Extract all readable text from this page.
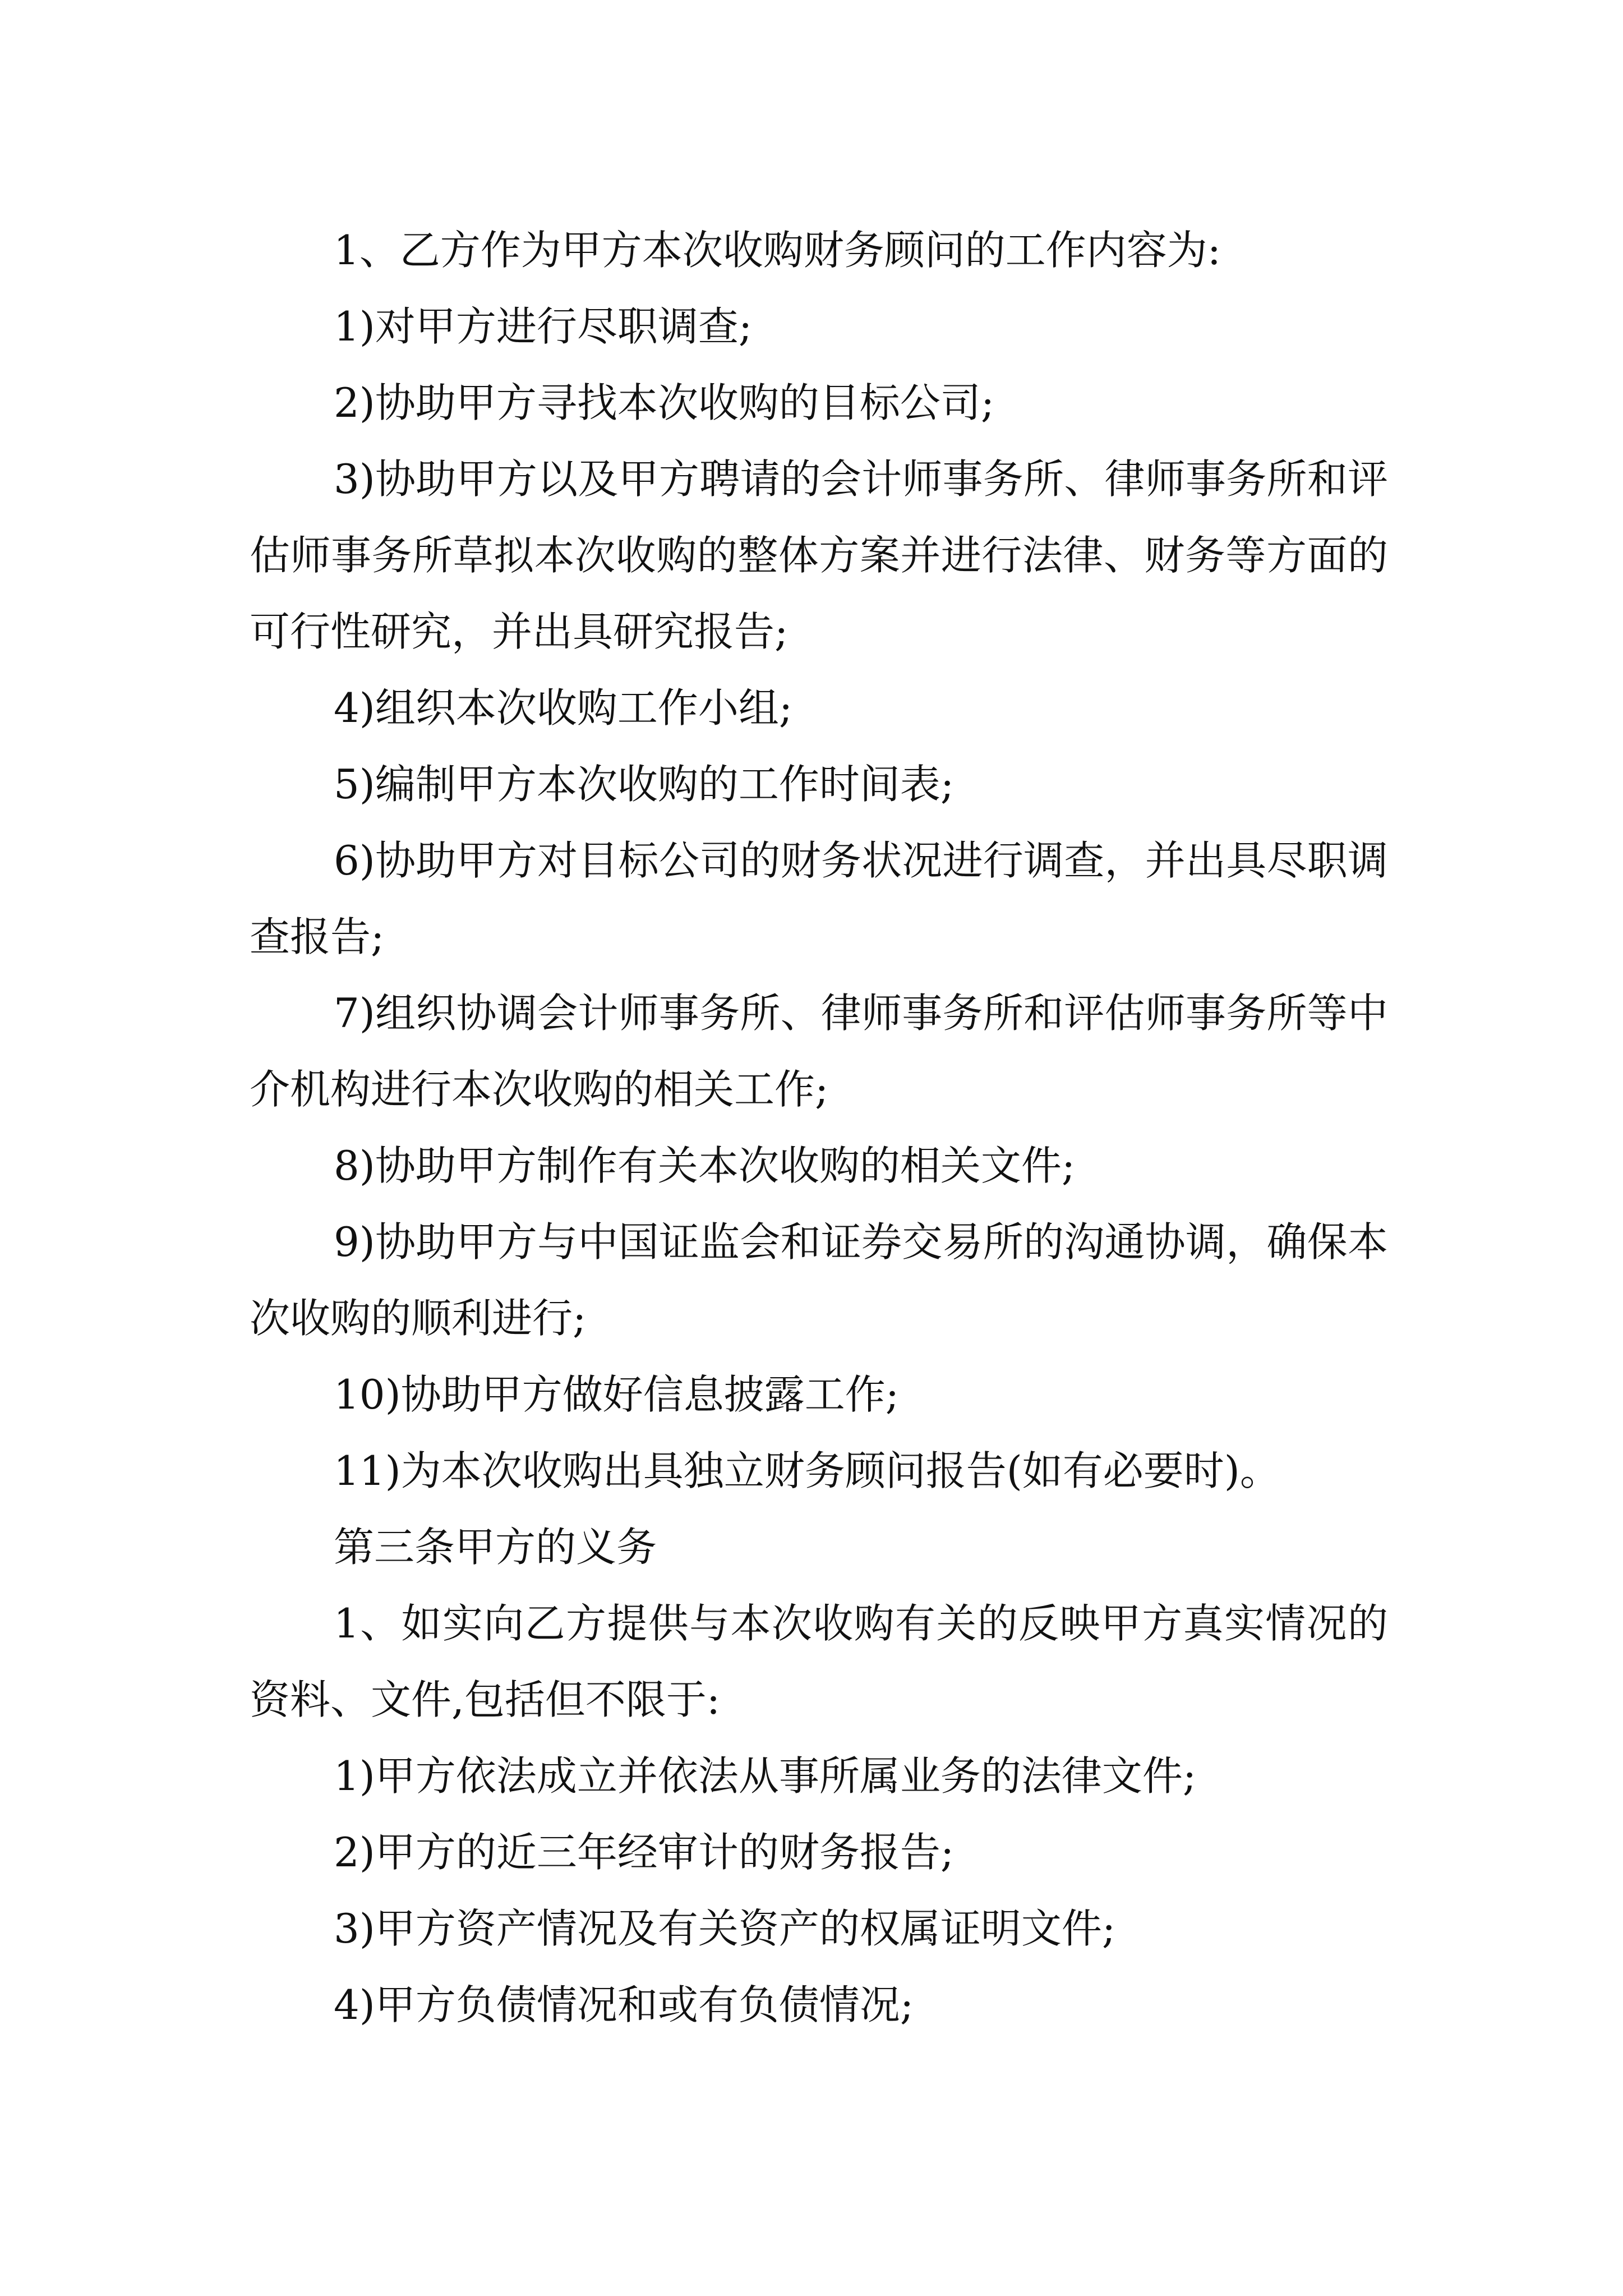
1、乙方作为甲方本次收购财务顾问的工作内容为:

1)对甲方进行尽职调查;

2)协助甲方寻找本次收购的目标公司;

3)协助甲方以及甲方聘请的会计师事务所、律师事务所和评估师事务所草拟本次收购的整体方案并进行法律、财务等方面的可行性研究，并出具研究报告;

4)组织本次收购工作小组;

5)编制甲方本次收购的工作时间表;

6)协助甲方对目标公司的财务状况进行调查，并出具尽职调查报告;

7)组织协调会计师事务所、律师事务所和评估师事务所等中介机构进行本次收购的相关工作;

8)协助甲方制作有关本次收购的相关文件;

9)协助甲方与中国证监会和证券交易所的沟通协调，确保本次收购的顺利进行;

10)协助甲方做好信息披露工作;

11)为本次收购出具独立财务顾问报告(如有必要时)。

第三条甲方的义务

1、如实向乙方提供与本次收购有关的反映甲方真实情况的资料、文件,包括但不限于:

1)甲方依法成立并依法从事所属业务的法律文件;

2)甲方的近三年经审计的财务报告;

3)甲方资产情况及有关资产的权属证明文件;

4)甲方负债情况和或有负债情况;
